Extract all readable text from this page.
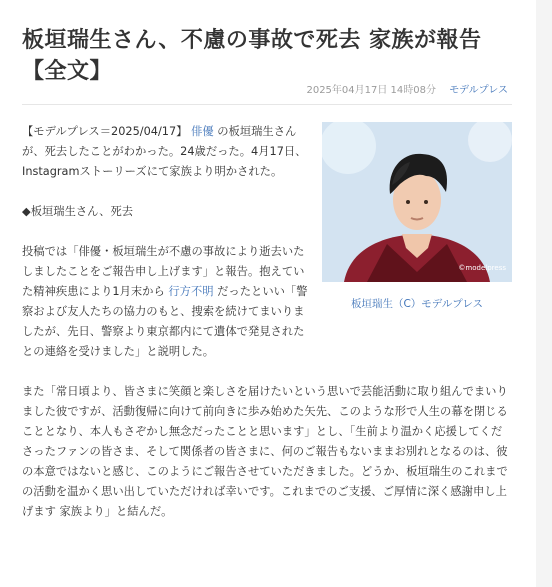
板垣瑞生さん、不慮の事故で死去 家族が報告【全文】
2025年04月17日 14時08分 モデルプレス
©modelpress
板垣瑞生（C）モデルプレス

【モデルプレス＝2025/04/17】 俳優 の板垣瑞生さんが、死去したことがわかった。24歳だった。4月17日、Instagramストーリーズにて家族より明かされた。

◆板垣瑞生さん、死去

投稿では「俳優・板垣瑞生が不慮の事故により逝去いたしましたことをご報告申し上げます」と報告。抱えていた精神疾患により1月末から 行方不明 だったといい「警察および友人たちの協力のもと、捜索を続けてまいりましたが、先日、警察より東京都内にて遺体で発見されたとの連絡を受けました」と説明した。

また「常日頃より、皆さまに笑顔と楽しさを届けたいという思いで芸能活動に取り組んでまいりました彼ですが、活動復帰に向けて前向きに歩み始めた矢先、このような形で人生の幕を閉じることとなり、本人もさぞかし無念だったことと思います」とし、「生前より温かく応援してくださったファンの皆さま、そして関係者の皆さまに、何のご報告もないままお別れとなるのは、彼の本意ではないと感じ、このようにご報告させていただきました。どうか、板垣瑞生のこれまでの活動を温かく思い出していただければ幸いです。これまでのご支援、ご厚情に深く感謝申し上げます 家族より」と結んだ。
